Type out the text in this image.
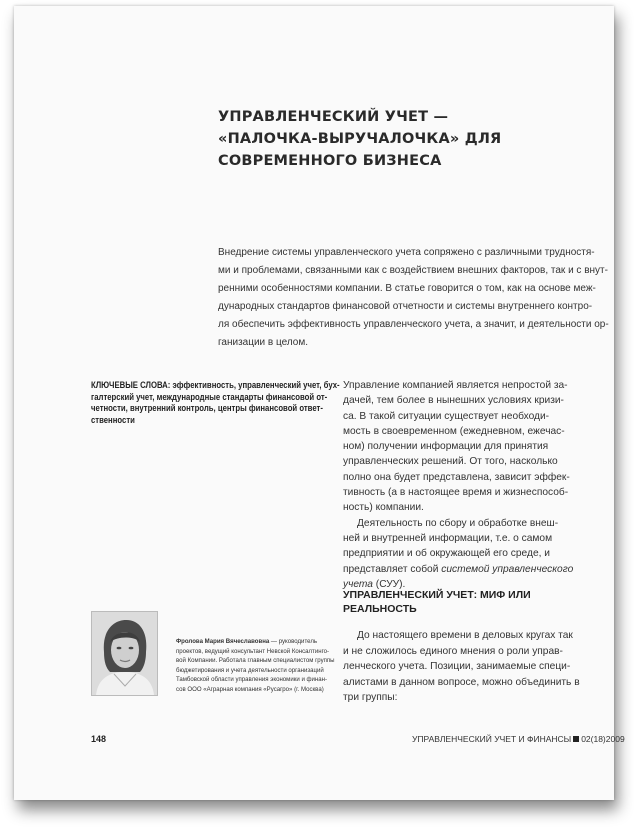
УПРАВЛЕНЧЕСКИЙ УЧЕТ —
«ПАЛОЧКА-ВЫРУЧАЛОЧКА» ДЛЯ
СОВРЕМЕННОГО БИЗНЕСА
Внедрение системы управленческого учета сопряжено с различными трудностя-
ми и проблемами, связанными как с воздействием внешних факторов, так и с внут-
ренними особенностями компании. В статье говорится о том, как на основе меж-
дународных стандартов финансовой отчетности и системы внутреннего контро-
ля обеспечить эффективность управленческого учета, а значит, и деятельности ор-
ганизации в целом.
КЛЮЧЕВЫЕ СЛОВА: эффективность, управленческий учет, бух-
галтерский учет, международные стандарты финансовой от-
четности, внутренний контроль, центры финансовой ответ-
ственности
Управление компанией является непростой за-
дачей, тем более в нынешних условиях кризи-
са. В такой ситуации существует необходи-
мость в своевременном (ежедневном, ежечас-
ном) получении информации для принятия
управленческих решений. От того, насколько
полно она будет представлена, зависит эффек-
тивность (а в настоящее время и жизнеспособ-
ность) компании.
Деятельность по сбору и обработке внеш-
ней и внутренней информации, т.е. о самом
предприятии и об окружающей его среде, и
представляет собой системой управленческого
учета (СУУ).
УПРАВЛЕНЧЕСКИЙ УЧЕТ: МИФ ИЛИ
РЕАЛЬНОСТЬ
До настоящего времени в деловых кругах так
и не сложилось единого мнения о роли управ-
ленческого учета. Позиции, занимаемые специ-
алистами в данном вопросе, можно объединить в
три группы:
Фролова Мария Вячеславовна — руководитель
проектов, ведущий консультант Невской Консалтинго-
вой Компании. Работала главным специалистом группы
бюджетирования и учета деятельности организаций
Тамбовской области управления экономики и финан-
сов ООО «Аграрная компания «Русагро» (г. Москва)
148	УПРАВЛЕНЧЕСКИЙ УЧЕТ И ФИНАНСЫ 02(18)2009
